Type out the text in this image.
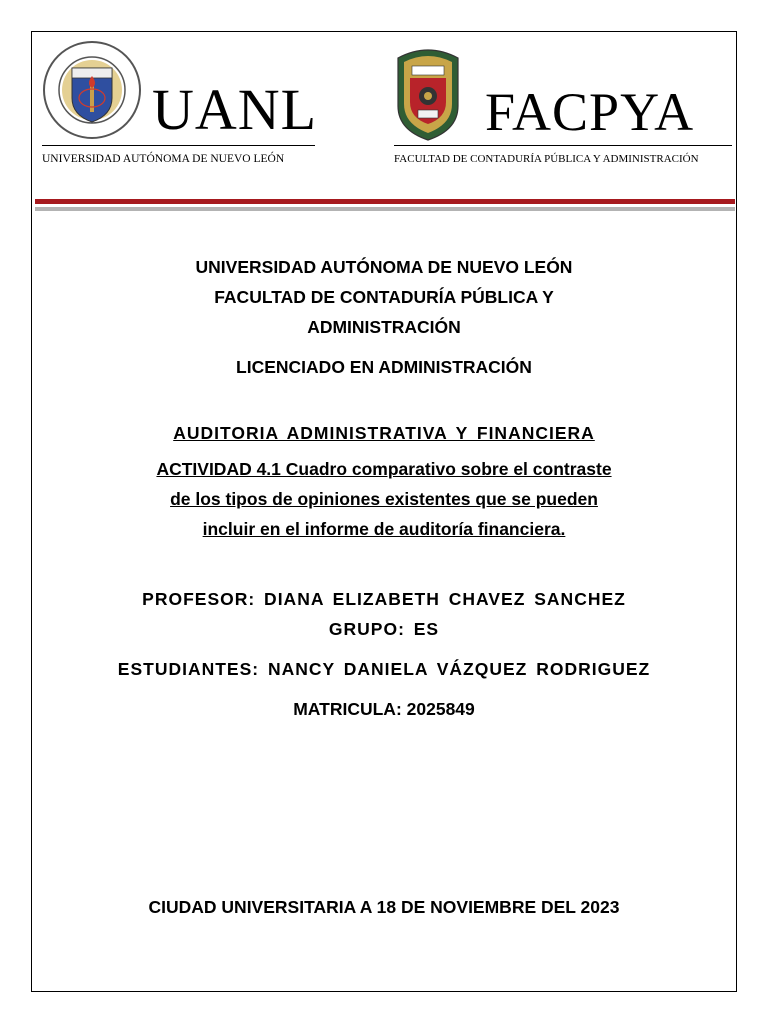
UANL
UNIVERSIDAD AUTÓNOMA DE NUEVO LEÓN
FACPYA
FACULTAD DE CONTADURÍA PÚBLICA Y ADMINISTRACIÓN
UNIVERSIDAD AUTÓNOMA DE NUEVO LEÓN
FACULTAD DE CONTADURÍA PÚBLICA Y
ADMINISTRACIÓN
LICENCIADO EN ADMINISTRACIÓN
AUDITORIA ADMINISTRATIVA Y FINANCIERA
ACTIVIDAD 4.1 Cuadro comparativo sobre el contraste
de los tipos de opiniones existentes que se pueden
incluir en el informe de auditoría financiera.
PROFESOR: DIANA ELIZABETH CHAVEZ SANCHEZ
GRUPO: ES
ESTUDIANTES: NANCY DANIELA VÁZQUEZ RODRIGUEZ
MATRICULA: 2025849
CIUDAD UNIVERSITARIA A 18 DE NOVIEMBRE DEL 2023
